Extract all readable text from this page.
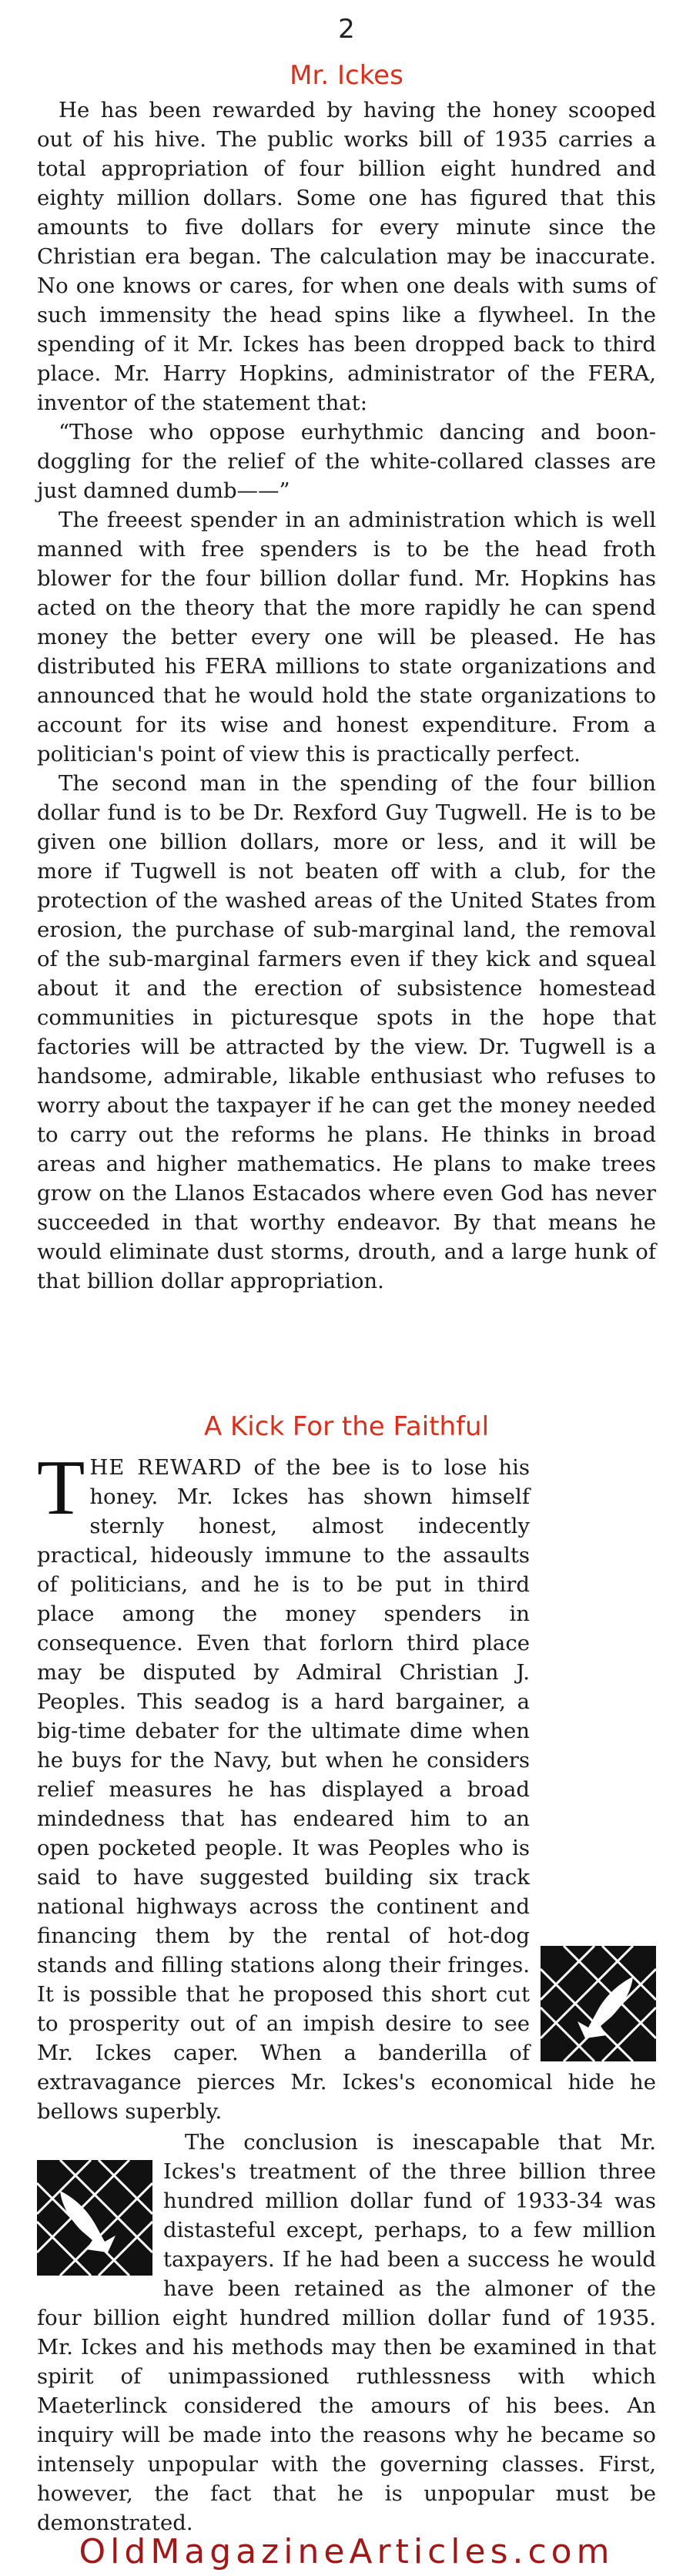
2
Mr. Ickes

He has been rewarded by having the honey scooped out of his hive. The public works bill of 1935 carries a total appropriation of four billion eight hundred and eighty million dollars. Some one has figured that this amounts to five dollars for every minute since the Christian era began. The calculation may be inaccurate. No one knows or cares, for when one deals with sums of such immensity the head spins like a flywheel. In the spending of it Mr. Ickes has been dropped back to third place. Mr. Harry Hopkins, administrator of the FERA, inventor of the statement that:

“Those who oppose eurhythmic dancing and boon-doggling for the relief of the white-collared classes are just damned dumb——”

The freeest spender in an administration which is well manned with free spenders is to be the head froth blower for the four billion dollar fund. Mr. Hopkins has acted on the theory that the more rapidly he can spend money the better every one will be pleased. He has distributed his FERA millions to state organizations and announced that he would hold the state organizations to account for its wise and honest expenditure. From a politician's point of view this is practically perfect.

The second man in the spending of the four billion dollar fund is to be Dr. Rexford Guy Tugwell. He is to be given one billion dollars, more or less, and it will be more if Tugwell is not beaten off with a club, for the protection of the washed areas of the United States from erosion, the purchase of sub-marginal land, the removal of the sub-marginal farmers even if they kick and squeal about it and the erection of subsistence homestead communities in picturesque spots in the hope that factories will be attracted by the view. Dr. Tugwell is a handsome, admirable, likable enthusiast who refuses to worry about the taxpayer if he can get the money needed to carry out the reforms he plans. He thinks in broad areas and higher mathematics. He plans to make trees grow on the Llanos Estacados where even God has never succeeded in that worthy endeavor. By that means he would eliminate dust storms, drouth, and a large hunk of that billion dollar appropriation.

A Kick For the Faithful

T HE REWARD
of the bee is to lose his honey. Mr. Ickes has shown himself sternly honest, almost indecently practical, hideously immune to the assaults of politicians, and he is to be put in third place among the money spenders in consequence. Even that forlorn third place may be disputed by Admiral Christian J. Peoples. This seadog is a hard bargainer, a big-time debater for the ultimate dime when he buys for the Navy, but when he considers relief measures he has displayed a broad mindedness that has endeared him to an open pocketed people. It was Peoples who is said to have suggested building six track national highways across the continent and financing them by the rental of hot-dog stands and filling stations along their fringes. It is possible that he proposed this short cut to prosperity out of an impish desire to see Mr. Ickes caper. When a banderilla of extravagance pierces Mr. Ickes's economical hide he bellows superbly.

The conclusion is inescapable that Mr. Ickes's treatment of the three billion three hundred million dollar fund of 1933-34 was distasteful except, perhaps, to a few million taxpayers. If he had been a success he would have been retained as the almoner of the four billion eight hundred million dollar fund of 1935. Mr. Ickes and his methods may then be examined in that spirit of unimpassioned ruthlessness with which Maeterlinck considered the amours of his bees. An inquiry will be made into the reasons why he became so intensely unpopular with the governing classes. First, however, the fact that he is unpopular must be demonstrated.

OldMagazineArticles.com
